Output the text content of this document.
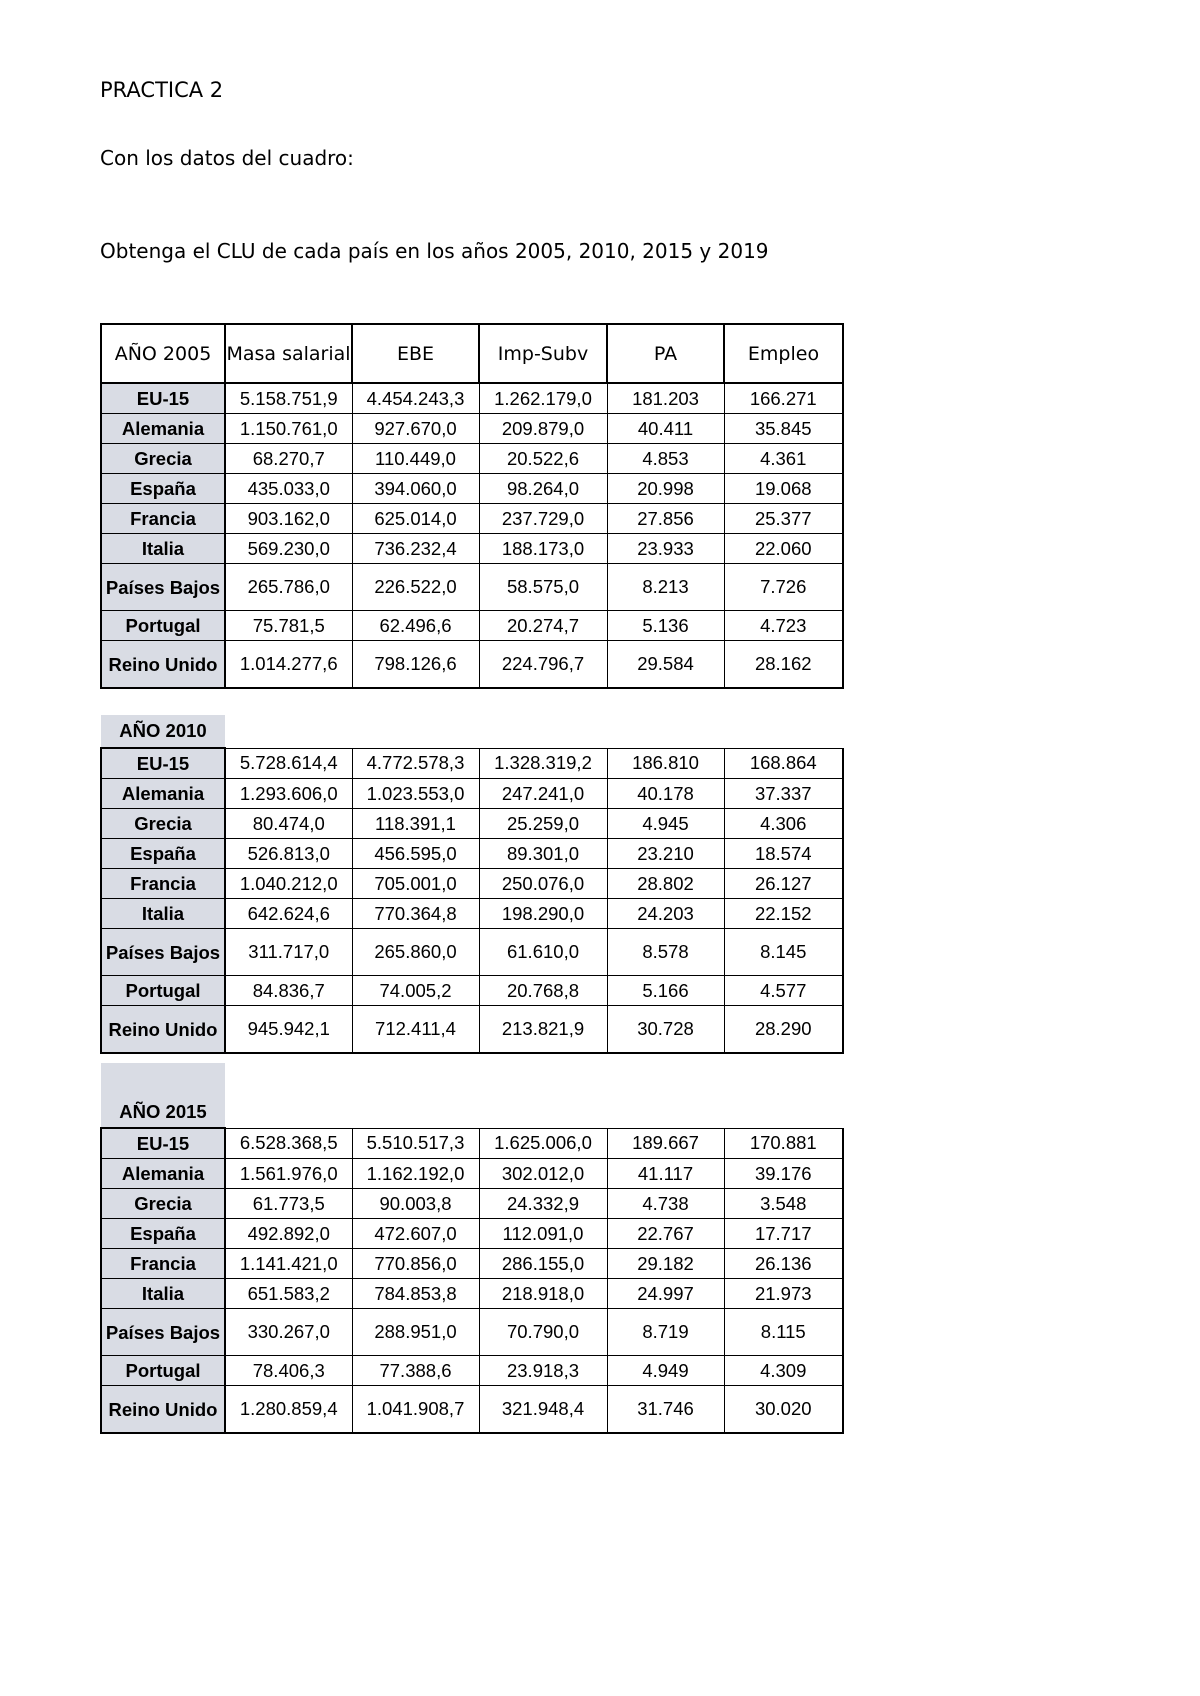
PRACTICA 2
Con los datos del cuadro:
Obtenga el CLU de cada país en los años 2005, 2010, 2015 y 2019
AÑO 2005	Masa salarial	EBE	Imp-Subv	PA	Empleo
EU-15	5.158.751,9	4.454.243,3	1.262.179,0	181.203	166.271
Alemania	1.150.761,0	927.670,0	209.879,0	40.411	35.845
Grecia	68.270,7	110.449,0	20.522,6	4.853	4.361
España	435.033,0	394.060,0	98.264,0	20.998	19.068
Francia	903.162,0	625.014,0	237.729,0	27.856	25.377
Italia	569.230,0	736.232,4	188.173,0	23.933	22.060
Países Bajos	265.786,0	226.522,0	58.575,0	8.213	7.726
Portugal	75.781,5	62.496,6	20.274,7	5.136	4.723
Reino Unido	1.014.277,6	798.126,6	224.796,7	29.584	28.162
AÑO 2010					
EU-15	5.728.614,4	4.772.578,3	1.328.319,2	186.810	168.864
Alemania	1.293.606,0	1.023.553,0	247.241,0	40.178	37.337
Grecia	80.474,0	118.391,1	25.259,0	4.945	4.306
España	526.813,0	456.595,0	89.301,0	23.210	18.574
Francia	1.040.212,0	705.001,0	250.076,0	28.802	26.127
Italia	642.624,6	770.364,8	198.290,0	24.203	22.152
Países Bajos	311.717,0	265.860,0	61.610,0	8.578	8.145
Portugal	84.836,7	74.005,2	20.768,8	5.166	4.577
Reino Unido	945.942,1	712.411,4	213.821,9	30.728	28.290
AÑO 2015					
EU-15	6.528.368,5	5.510.517,3	1.625.006,0	189.667	170.881
Alemania	1.561.976,0	1.162.192,0	302.012,0	41.117	39.176
Grecia	61.773,5	90.003,8	24.332,9	4.738	3.548
España	492.892,0	472.607,0	112.091,0	22.767	17.717
Francia	1.141.421,0	770.856,0	286.155,0	29.182	26.136
Italia	651.583,2	784.853,8	218.918,0	24.997	21.973
Países Bajos	330.267,0	288.951,0	70.790,0	8.719	8.115
Portugal	78.406,3	77.388,6	23.918,3	4.949	4.309
Reino Unido	1.280.859,4	1.041.908,7	321.948,4	31.746	30.020
